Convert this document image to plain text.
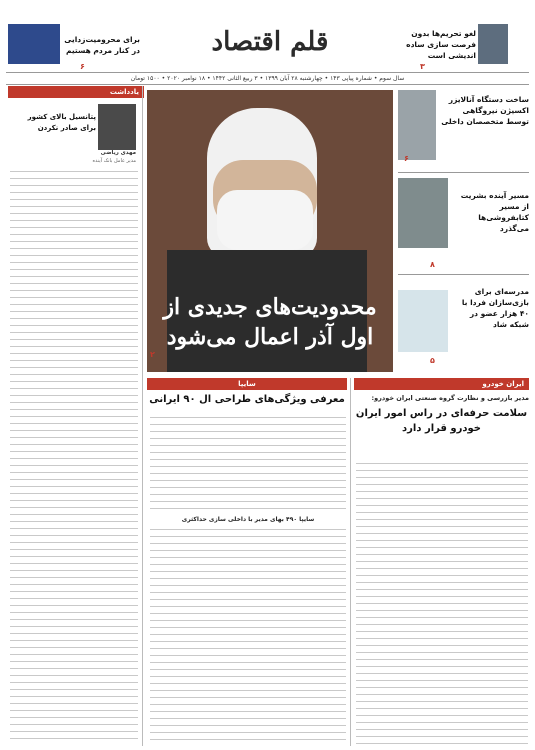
قلم اقتصاد	لغو تحریم‌ها بدون فرصت سازی ساده اندیشی است
۳
برای محرومیت‌زدایی در کنار مردم هستیم
۶
سال سوم • شماره پیاپی ۱۴۳ • چهارشنبه ۲۸ آبان ۱۳۹۹ • ۳ ربیع الثانی ۱۴۴۲ • ۱۸ نوامبر ۲۰۲۰ • ۱۵۰۰ تومان
ساخت دستگاه آنالایزر اکسیژن نیروگاهی توسط متخصصان داخلی
۶
مسیر آینده بشریت از مسیر کتابفروشی‌ها می‌گذرد
۸
مدرسه‌ای برای بازی‌سازان فردا با ۴۰ هزار عضو در شبکه شاد
۵
محدودیت‌های جدیدی از
اول آذر اعمال می‌شود
۲
یادداشت
پتانسیل بالای کشور برای صادر نکردن
مهدی ریاضی
مدیر عامل بانک آینده
سایپا
معرفی ویژگی‌های طراحی ال ۹۰ ایرانی
سایپا ۴۹۰ بهای مدیر با داخلی سازی حداکثری
ایران خودرو
مدیر بازرسی و نظارت گروه صنعتی ایران خودرو:
سلامت حرفه‌ای در راس امور ایران خودرو قرار دارد
